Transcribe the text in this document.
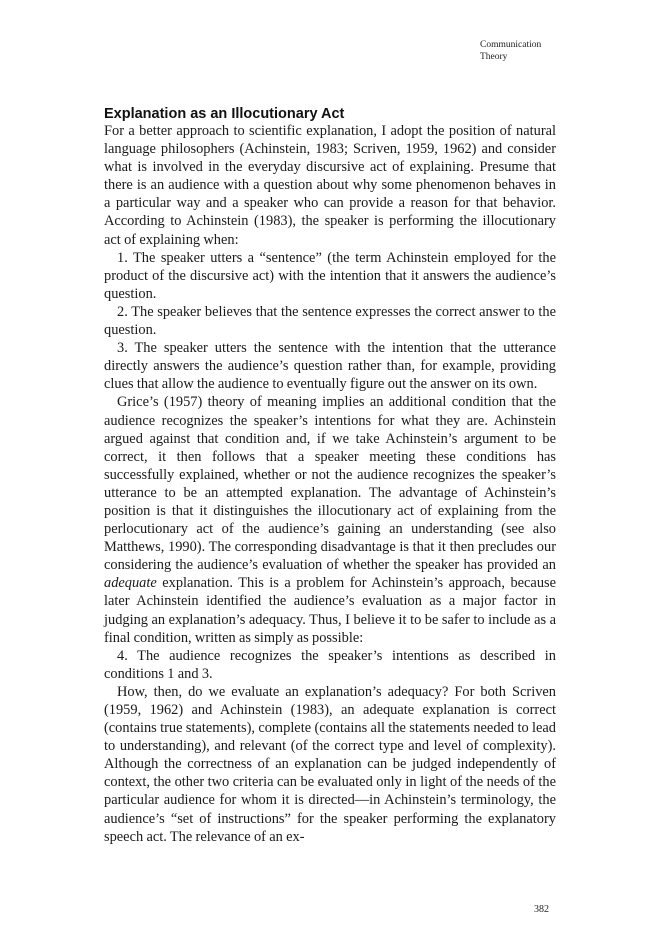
Communication
Theory
Explanation as an Illocutionary Act

For a better approach to scientific explanation, I adopt the position of natural language philosophers (Achinstein, 1983; Scriven, 1959, 1962) and consider what is involved in the everyday discursive act of explaining. Presume that there is an audience with a question about why some phenomenon behaves in a particular way and a speaker who can provide a reason for that behavior. According to Achinstein (1983), the speaker is performing the illocutionary act of explaining when:

1. The speaker utters a “sentence” (the term Achinstein employed for the product of the discursive act) with the intention that it answers the audience’s question.

2. The speaker believes that the sentence expresses the correct answer to the question.

3. The speaker utters the sentence with the intention that the utterance directly answers the audience’s question rather than, for example, providing clues that allow the audience to eventually figure out the answer on its own.

Grice’s (1957) theory of meaning implies an additional condition that the audience recognizes the speaker’s intentions for what they are. Achinstein argued against that condition and, if we take Achinstein’s argument to be correct, it then follows that a speaker meeting these conditions has successfully explained, whether or not the audience recognizes the speaker’s utterance to be an attempted explanation. The advantage of Achinstein’s position is that it distinguishes the illocutionary act of explaining from the perlocutionary act of the audience’s gaining an understanding (see also Matthews, 1990). The corresponding disadvantage is that it then precludes our considering the audience’s evaluation of whether the speaker has provided an adequate explanation. This is a problem for Achinstein’s approach, because later Achinstein identified the audience’s evaluation as a major factor in judging an explanation’s adequacy. Thus, I believe it to be safer to include as a final condition, written as simply as possible:

4. The audience recognizes the speaker’s intentions as described in conditions 1 and 3.

How, then, do we evaluate an explanation’s adequacy? For both Scriven (1959, 1962) and Achinstein (1983), an adequate explanation is correct (contains true statements), complete (contains all the statements needed to lead to understanding), and relevant (of the correct type and level of complexity). Although the correctness of an explanation can be judged independently of context, the other two criteria can be evaluated only in light of the needs of the particular audience for whom it is directed—in Achinstein’s terminology, the audience’s “set of instructions” for the speaker performing the explanatory speech act. The relevance of an ex-

382
